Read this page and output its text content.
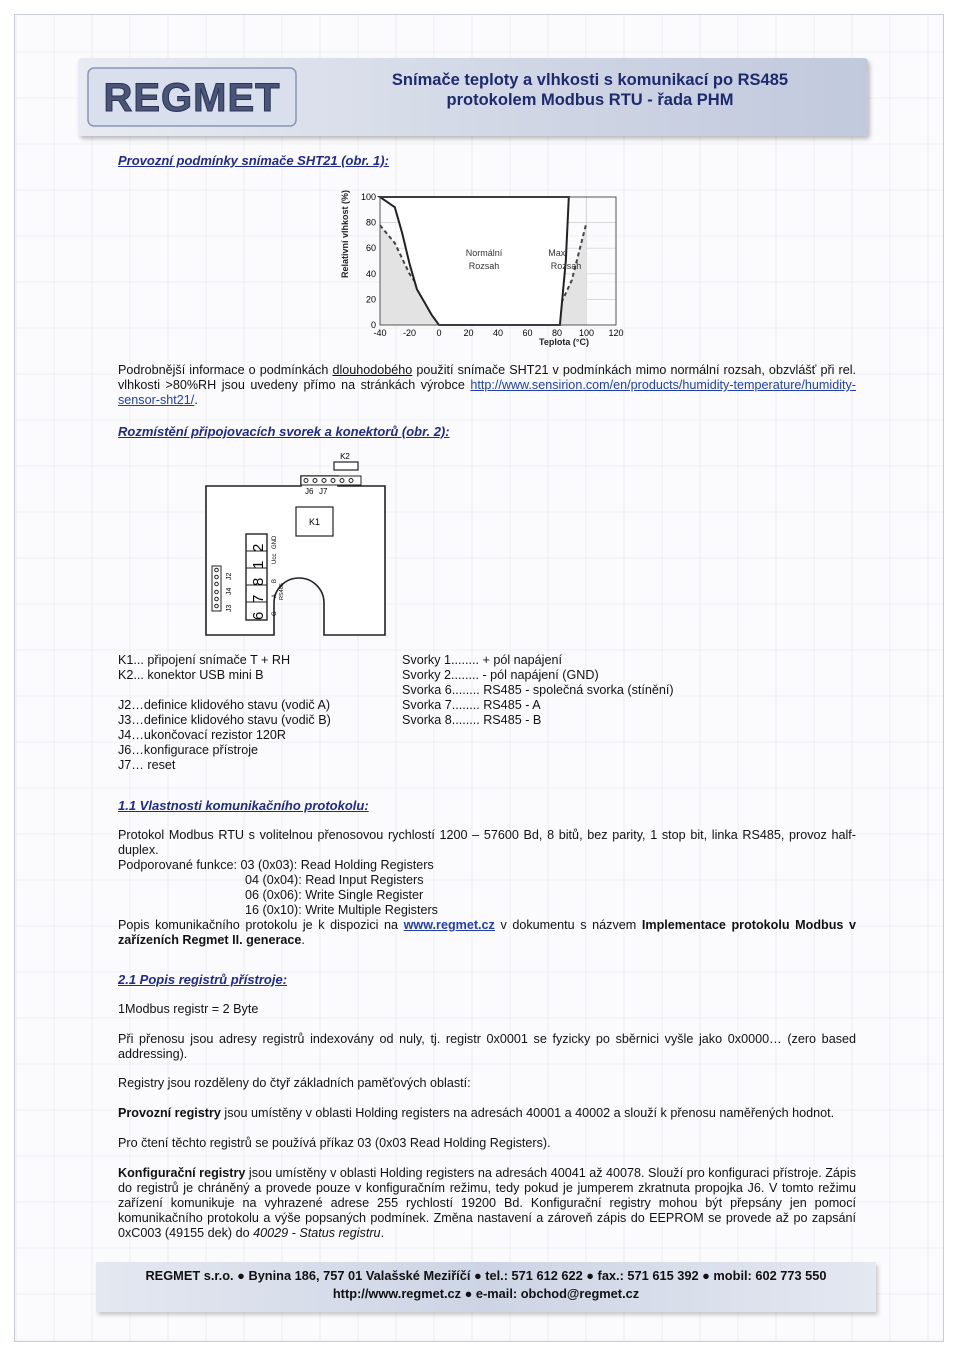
REGMET	Snímače teploty a vlhkosti s komunikací po RS485
protokolem Modbus RTU - řada PHM
Provozní podmínky snímače SHT21 (obr. 1):
100
80
60
40
20
0
-40 -20 0 20 40 60 80 100 120
Relativní vlhkost (%)
Teplota (°C)
Normální
Rozsah
Max.
Rozsah
Podrobnější informace o podmínkách dlouhodobého použití snímače SHT21 v podmínkách mimo normální rozsah, obzvlášť při rel. vlhkosti >80%RH jsou uvedeny přímo na stránkách výrobce http://www.sensirion.com/en/products/humidity-temperature/humidity-sensor-sht21/.
Rozmístění připojovacích svorek a konektorů (obr. 2):
K2
J6 J7
K1
6
7
8
1
2
G
A
B
Ucc
GND
RS485
J3
J4
J2
K1... připojení snímače T + RH
K2... konektor USB mini B
J2…definice klidového stavu (vodič A)
J3…definice klidového stavu (vodič B)
J4…ukončovací rezistor 120R
J6…konfigurace přístroje
J7… reset
Svorky 1........ + pól napájení
Svorky 2........ - pól napájení (GND)
Svorka 6........ RS485 - společná svorka (stínění)
Svorka 7........ RS485 - A
Svorka 8........ RS485 - B
1.1 Vlastnosti komunikačního protokolu:
Protokol Modbus RTU s volitelnou přenosovou rychlostí 1200 – 57600 Bd, 8 bitů, bez parity, 1 stop bit, linka RS485, provoz half-duplex.
Podporované funkce: 03 (0x03): Read Holding Registers
04 (0x04): Read Input Registers
06 (0x06): Write Single Register
16 (0x10): Write Multiple Registers
Popis komunikačního protokolu je k dispozici na www.regmet.cz v dokumentu s názvem Implementace protokolu Modbus v zařízeních Regmet II. generace.
2.1 Popis registrů přístroje:
1Modbus registr = 2 Byte
Při přenosu jsou adresy registrů indexovány od nuly, tj. registr 0x0001 se fyzicky po sběrnici vyšle jako 0x0000… (zero based addressing).
Registry jsou rozděleny do čtyř základních paměťových oblastí:
Provozní registry jsou umístěny v oblasti Holding registers na adresách 40001 a 40002 a slouží k přenosu naměřených hodnot.
Pro čtení těchto registrů se používá příkaz 03 (0x03 Read Holding Registers).
Konfigurační registry jsou umístěny v oblasti Holding registers na adresách 40041 až 40078. Slouží pro konfiguraci přístroje. Zápis do registrů je chráněný a provede pouze v konfiguračním režimu, tedy pokud je jumperem zkratnuta propojka J6. V tomto režimu zařízení komunikuje na vyhrazené adrese 255 rychlostí 19200 Bd. Konfigurační registry mohou být přepsány jen pomocí komunikačního protokolu a výše popsaných podmínek. Změna nastavení a zároveň zápis do EEPROM se provede až po zapsání 0xC003 (49155 dek) do 40029 - Status registru.
REGMET s.r.o. ● Bynina 186, 757 01 Valašské Meziříčí ● tel.: 571 612 622 ● fax.: 571 615 392 ● mobil: 602 773 550
http://www.regmet.cz ● e-mail: obchod@regmet.cz
